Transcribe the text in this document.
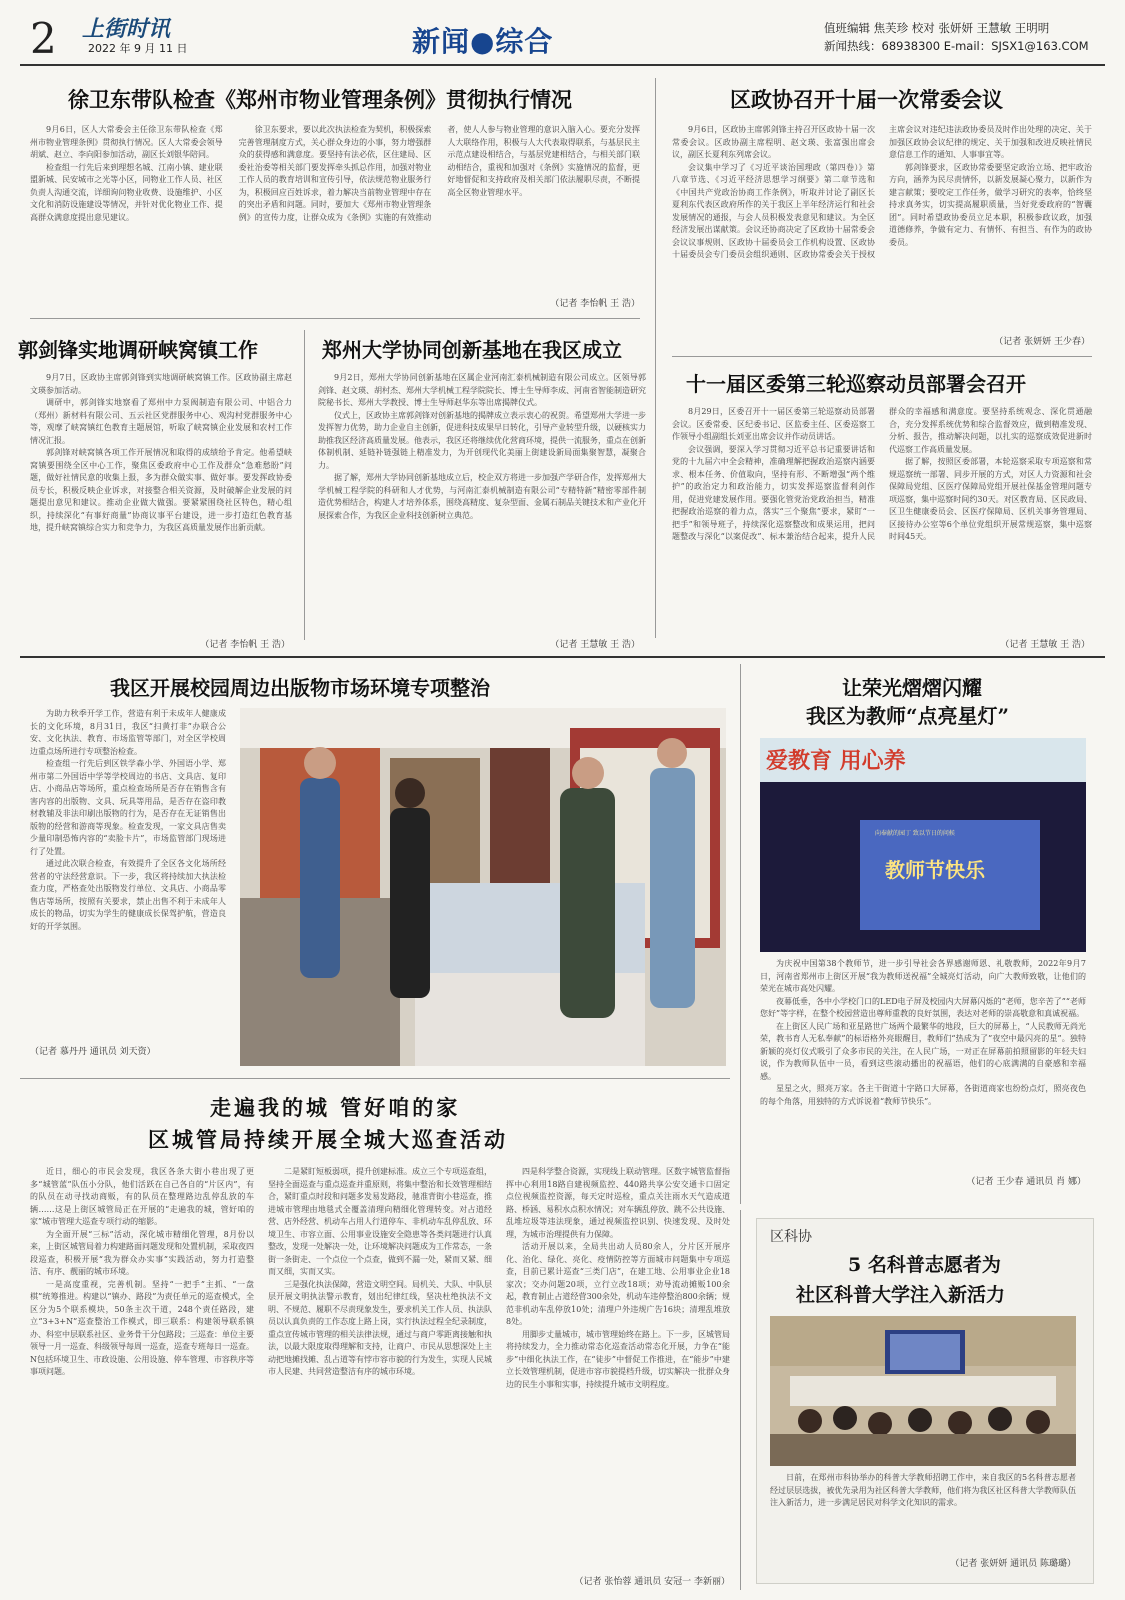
2 上街时讯
2022 年 9 月 11 日	新闻●综合	值班编辑 焦芙珍 校对 张妍妍 王慧敏 王明明
新闻热线：68938300 E-mail：SJSX1@163.COM
徐卫东带队检查《郑州市物业管理条例》贯彻执行情况

9月6日，区人大常委会主任徐卫东带队检查《郑州市物业管理条例》贯彻执行情况。区人大常委会领导胡斌、赵立、李向阳参加活动，副区长刘银华陪同。

检查组一行先后来到理想名城、江南小镇、建业联盟新城、民安城市之光等小区，同物业工作人员、社区负责人沟通交流，详细询问物业收费、设施维护、小区文化和消防设施建设等情况，并针对优化物业工作、提高群众满意度提出意见建议。

徐卫东要求，要以此次执法检查为契机，积极探索完善管理制度方式，关心群众身边的小事，努力增强群众的获得感和满意度。要坚持有法必依，区住建局、区委社治委等相关部门要发挥牵头抓总作用，加强对物业工作人员的教育培训和宣传引导，依法规范物业服务行为，积极回应百姓诉求，着力解决当前物业管理中存在的突出矛盾和问题。同时，要加大《郑州市物业管理条例》的宣传力度，让群众成为《条例》实施的有效推动者，使人人参与物业管理的意识入脑入心。要充分发挥人大联络作用，积极与人大代表取得联系，与基层民主示范点建设相结合，与基层党建相结合，与相关部门联动相结合，重视和加强对《条例》实施情况的监督，更好地督促和支持政府及相关部门依法履职尽责，不断提高全区物业管理水平。

（记者 李怡帆 王 浩）
区政协召开十届一次常委会议

9月6日，区政协主席郭剑锋主持召开区政协十届一次常委会议。区政协副主席程明、赵文瑛、张富强出席会议，副区长夏利东列席会议。

会议集中学习了《习近平谈治国理政（第四卷）》第八章节选、《习近平经济思想学习纲要》第二章节选和《中国共产党政治协商工作条例》，听取并讨论了副区长夏利东代表区政府所作的关于我区上半年经济运行和社会发展情况的通报，与会人员积极发表意见和建议。为全区经济发展出谋献策。会议还协商决定了区政协十届常委会会议议事规则、区政协十届委员会工作机构设置、区政协十届委员会专门委员会组织通则、区政协常委会关于授权主席会议对违纪违法政协委员及时作出处理的决定、关于加强区政协会议纪律的规定、关于加强和改进反映社情民意信息工作的通知、人事事宜等。

郭剑锋要求，区政协常委要坚定政治立场、把牢政治方向，涵养为民尽责情怀，以新发展凝心聚力，以新作为建言献策；要咬定工作任务，做学习研究的表率，恰终坚持求真务实，切实提高履职质量，当好党委政府的“智囊团”。同时希望政协委员立足本职，积极参政议政，加强道德修养，争做有定力、有情怀、有担当、有作为的政协委员。

（记者 张妍妍 王少春）
郭剑锋实地调研峡窝镇工作

9月7日，区政协主席郭剑锋到实地调研峡窝镇工作。区政协副主席赵文瑛参加活动。

调研中，郭剑锋实地察看了郑州中力泵阀制造有限公司、中铝合力（郑州）新材料有限公司、五云社区党群服务中心、观沟村党群服务中心等，观摩了峡窝镇红色教育主题展馆，听取了峡窝镇企业发展和农村工作情况汇报。

郭剑锋对峡窝镇各项工作开展情况和取得的成绩给予肯定。他希望峡窝镇要围绕全区中心工作，聚焦区委政府中心工作及群众“急难愁盼”问题，做好社情民意的收集上报，多为群众做实事、做好事。要发挥政协委员专长，积极反映企业诉求，对接整合相关资源，及时破解企业发展的问题提出意见和建议。推动企业做大做强。要紧紧围绕社区特色，精心组织，持续深化“有事好商量”协商议事平台建设，进一步打造红色教育基地，提升峡窝镇综合实力和竞争力，为我区高质量发展作出新贡献。

（记者 李怡帆 王 浩）
郑州大学协同创新基地在我区成立

9月2日，郑州大学协同创新基地在区属企业河南汇泰机械制造有限公司成立。区领导郭剑锋、赵文瑛、胡村杰、郑州大学机械工程学院院长、博士生导师李成、河南省智能制造研究院秘书长、郑州大学教授、博士生导师赵华东等出席揭牌仪式。

仪式上，区政协主席郭剑锋对创新基地的揭牌成立表示衷心的祝贺。希望郑州大学进一步发挥智力优势，助力企业自主创新，促进科技成果早日转化，引导产业转型升级，以硬核实力助推我区经济高质量发展。他表示，我区还将继续优化营商环境，提供一流服务，重点在创新体制机制、延链补链强链上精准发力，为开创现代化美丽上街建设新局面集聚智慧，凝聚合力。

据了解，郑州大学协同创新基地成立后，校企双方将进一步加强产学研合作，发挥郑州大学机械工程学院的科研和人才优势，与河南汇泰机械制造有限公司“专精特新”精密零部件制造优势相结合，构建人才培养体系，围绕高精度、复杂型面、金属石制品关键技术和产业化开展探索合作，为我区企业科技创新树立典范。

（记者 王慧敏 王 浩）
十一届区委第三轮巡察动员部署会召开

8月29日，区委召开十一届区委第三轮巡察动员部署会议。区委常委、区纪委书记、区监委主任、区委巡察工作领导小组副组长刘亚出席会议并作动员讲话。

会议强调，要深入学习贯彻习近平总书记重要讲话和党的十九届六中全会精神，准确理解把握政治巡察内涵要求、根本任务、价值取向，坚持有形、不断增强“两个维护”的政治定力和政治能力，切实发挥巡察监督利剑作用，促进党建发展作用。要强化管党治党政治担当，精准把握政治巡察的着力点，落实“三个聚焦”要求，紧盯“一把手”和领导班子，持续深化巡察整改和成果运用，把问题整改与深化“以案促改”、标本兼治结合起来，提升人民群众的幸福感和满意度。要坚持系统观念、深化贯通融合，充分发挥系统优势和综合监督效应，做到精准发现、分析、报告，推动解决问题，以扎实的巡察成效促进新时代巡察工作高质量发展。

据了解，按照区委部署，本轮巡察采取专项巡察和常规巡察统一部署、同步开展的方式，对区人力资源和社会保障局党组、区医疗保障局党组开展社保基金管理问题专项巡察，集中巡察时间约30天。对区教育局、区民政局、区卫生健康委员会、区医疗保障局、区机关事务管理局、区接待办公室等6个单位党组织开展常规巡察，集中巡察时间45天。

（记者 王慧敏 王 浩）
我区开展校园周边出版物市场环境专项整治

为助力秋季开学工作，营造有利于未成年人健康成长的文化环境，8月31日，我区“扫黄打非”办联合公安、文化执法、教育、市场监管等部门，对全区学校周边重点场所进行专项整治检查。

检查组一行先后到区铁学森小学、外国语小学、郑州市第二外国语中学等学校周边的书店、文具店、复印店、小商品店等场所，重点检查场所是否存在销售含有害内容的出版物、文具、玩具等用品，是否存在盗印教材教辅及非法印刷出版物的行为，是否存在无证销售出版物的经营和游商等现象。检查发现，一家文具店售卖少量印制恐怖内容的“卖脸卡片”，市场监管部门现场进行了处置。

通过此次联合检查，有效提升了全区各文化场所经营者的守法经营意识。下一步，我区将持续加大执法检查力度，严格查处出版物发行单位、文具店、小商品零售店等场所，按照有关要求，禁止出售不利于未成年人成长的物品，切实为学生的健康成长保驾护航，营造良好的开学氛围。

（记者 慕丹丹 通讯员 刘天资）
让荣光熠熠闪耀
我区为教师“点亮星灯”
爱教育 用心养
向奉献的园丁 致以节日的问候
教师节快乐

为庆祝中国第38个教师节，进一步引导社会各界感谢师恩、礼敬教师，2022年9月7日，河南省郑州市上街区开展“我为教师送祝福”全城亮灯活动，向广大教师致敬，让他们的荣光在城市高处闪耀。

夜幕低垂，各中小学校门口的LED电子屏及校园内大屏幕闪烁的“老师，您辛苦了”“老师您好”等字样，在整个校园营造出尊师重教的良好氛围，表达对老师的崇高敬意和真诚祝福。

在上街区人民广场和亚星路世广场两个最繁华的地段，巨大的屏幕上，“人民教师无尚光荣，教书育人无私奉献”的标语格外亮眼醒目，教师们“热成为了”夜空中最闪亮的星”。独特新颖的亮灯仪式吸引了众多市民的关注，在人民广场，一对正在屏幕前拍照留影的年轻夫妇说，作为教师队伍中一员，看到这些滚动播出的祝福语，他们的心底满满的自豪感和幸福感。

星星之火，照亮万家。各主干街道十字路口大屏幕，各街道商家也纷纷点灯，照亮夜色的每个角落，用独特的方式诉说着“教师节快乐”。

（记者 王少春 通讯员 肖 娜）
走遍我的城 管好咱的家
区城管局持续开展全城大巡查活动

近日，细心的市民会发现，我区各条大街小巷出现了更多“城管蓝”队伍小分队，他们活跃在自己各自的“片区内”，有的队员在动寻找动商贩，有的队员在整理路边乱停乱放的车辆……这是上街区城管局正在开展的“走遍我的城，管好咱的家”城市管理大巡查专项行动的缩影。

为全面开展“三标”活动，深化城市精细化管理，8月份以来，上街区城管局着力构建路面问题发现和处置机制，采取夜四段巡查，积极开展“我为群众办实事”实践活动，努力打造整洁、有序、靓丽的城市环境。

一是高度重视，完善机制。坚持“一把手”主抓、“一盘棋”统筹推进。构建以“镇办、路段”为责任单元的巡查模式，全区分为5个联系模块，50条主次干道，248个责任路段，建立“3+3+N”巡查整治工作模式，即三联系：构建领导联系镇办、科室中层联系社区、业务骨干分包路段；三巡查：单位主要领导一月一巡查、科级领导每周一巡查，巡查专班每日一巡查。N包括环境卫生、市政设施、公用设施、停车管理、市容秩序等事项问题。

二是紧盯短板弱项，提升创建标准。成立三个专项巡查组，坚持全面巡查与重点巡查并重原则，将集中整治和长效管理相结合，紧盯重点时段和问题多发易发路段，驰准背街小巷巡查，推进城市管理由地毯式全覆盖清理向精细化管理转变。对占道经营、店外经营、机动车占用人行道停车、非机动车乱停乱放、环境卫生、市容立面、公用事业设施安全隐患等各类问题进行认真整改，发现一处解决一处，让环境解决问题成为工作常态，一条街一条街走、一个点位一个点查，做到不漏一处，紧而又紧、细而又细，实而又实。

三是强化执法保障，营造文明空间。局机关、大队、中队层层开展文明执法警示教育，划出纪律红线，坚决杜绝执法不文明、不规范、履职不尽责现象发生，要求机关工作人员、执法队员以认真负责的工作态度上路上岗，实行执法过程全纪录制度，重点宣传城市管理的相关法律法规，通过与商户零距离接触和执法，以最大限度取得理解和支持，让商户、市民从思想深处上主动把地摊找摊、乱占道等有悖市容市貌的行为发生，实现人民城市人民建、共同营造整洁有序的城市环境。

四是科学整合资源，实现线上联动管理。区数字城管监督指挥中心利用18路自建视频监控、440路共享公安交通卡口固定点位视频监控资源，每天定时巡检，重点关注雨水天气造成道路、桥涵、易积水点积水情况；对车辆乱停放、跳不公共设施、乱堆垃圾等违法现象，通过视频监控识别、快速发现、及时处理，为城市治理提供有力保障。

活动开展以来，全局共出动人员80余人，分片区开展序化、治化、绿化、亮化、疫情防控等方面城市问题集中专项巡查，目前已累计巡查“三类门店”，在建工地、公用事业企业18家次；交办问题20项，立行立改18项；劝导流动摊贩100余起，教育制止占道经营300余处，机动车违停整治800余辆；规范非机动车乱停放10处；清理户外违规广告16块；清理乱堆放8处。

用脚步丈量城市，城市管理始终在路上。下一步，区城管局将持续发力，全力推动常态化巡查活动常态化开展，力争在“能步”中细化执法工作，在“徒步”中督促工作推进，在“能步”中建立长效管理机制，促进市容市貌提档升级，切实解决一批群众身边的民生小事和实事，持续提升城市文明程度。

（记者 张怡蓉 通讯员 安冠一 李新丽）
区科协
5 名科普志愿者为
社区科普大学注入新活力

日前，在郑州市科协举办的科普大学教师招聘工作中，来自我区的5名科普志愿者经过层层选拔，被优先录用为社区科普大学教师，他们将为我区社区科普大学教师队伍注入新活力，进一步满足居民对科学文化知识的需求。

（记者 张妍妍 通讯员 陈璐璐）
